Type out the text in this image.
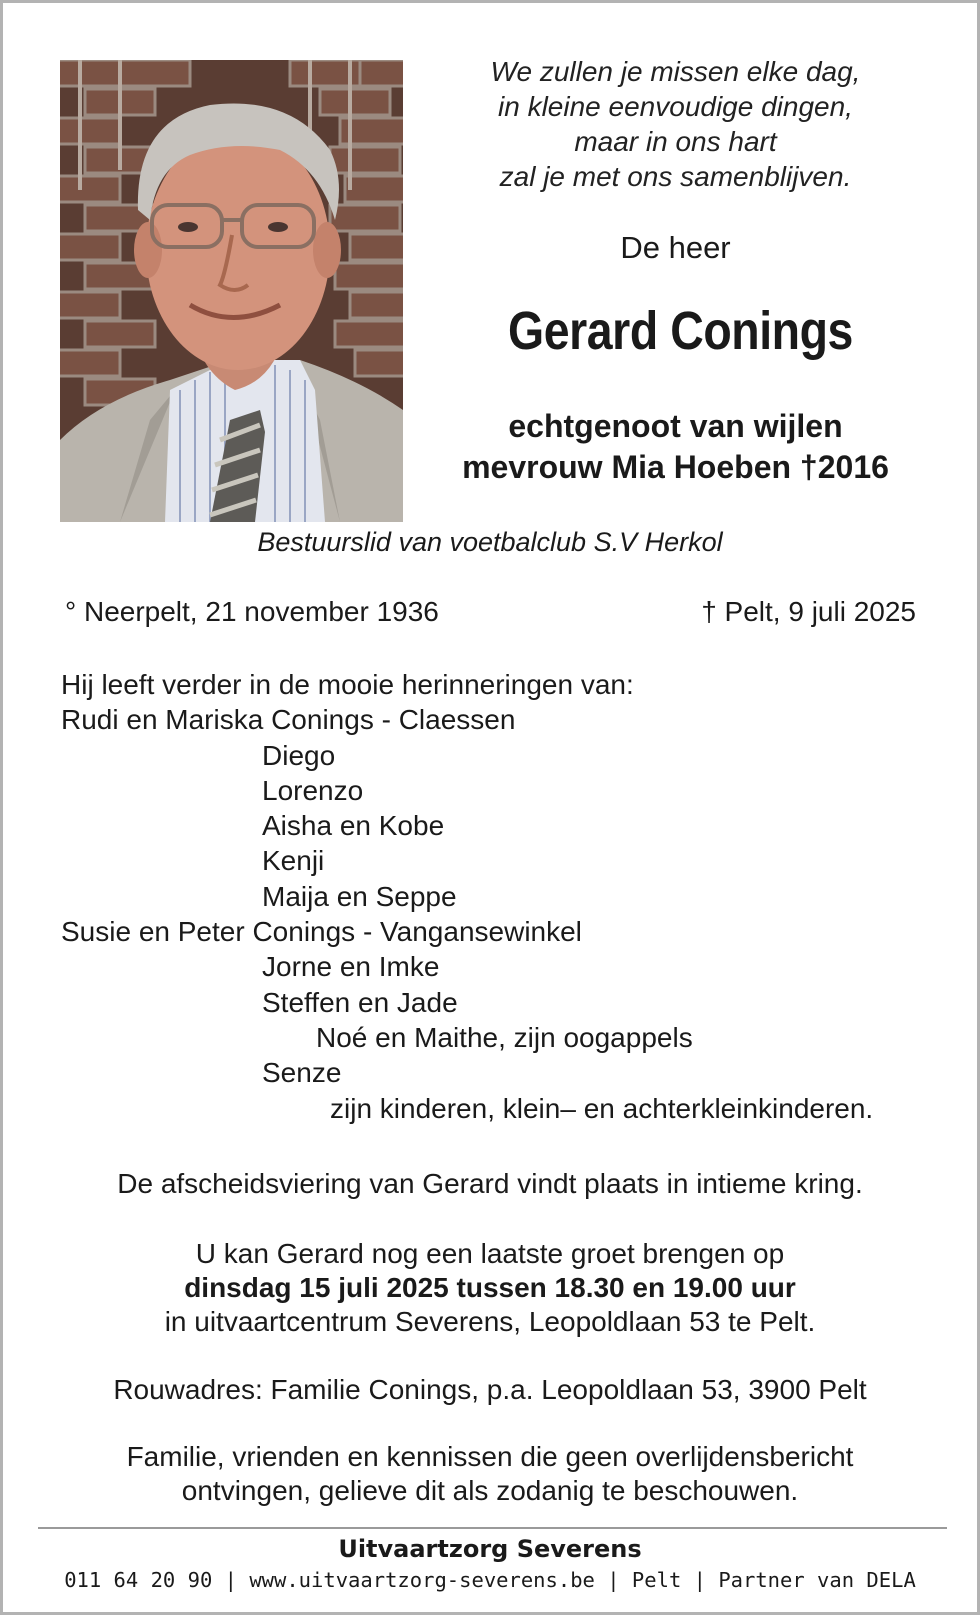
We zullen je missen elke dag,
in kleine eenvoudige dingen,
maar in ons hart
zal je met ons samenblijven.
De heer
Gerard Conings
echtgenoot van wijlen
mevrouw Mia Hoeben †2016
Bestuurslid van voetbalclub S.V Herkol
° Neerpelt, 21 november 1936	† Pelt, 9 juli 2025
Hij leeft verder in de mooie herinneringen van:
Rudi en Mariska Conings - Claessen
Diego
Lorenzo
Aisha en Kobe
Kenji
Maija en Seppe
Susie en Peter Conings - Vangansewinkel
Jorne en Imke
Steffen en Jade
Noé en Maithe, zijn oogappels
Senze
zijn kinderen, klein– en achterkleinkinderen.
De afscheidsviering van Gerard vindt plaats in intieme kring.
U kan Gerard nog een laatste groet brengen op
dinsdag 15 juli 2025 tussen 18.30 en 19.00 uur
in uitvaartcentrum Severens, Leopoldlaan 53 te Pelt.
Rouwadres: Familie Conings, p.a. Leopoldlaan 53, 3900 Pelt
Familie, vrienden en kennissen die geen overlijdensbericht
ontvingen, gelieve dit als zodanig te beschouwen.
Uitvaartzorg Severens
011 64 20 90 | www.uitvaartzorg-severens.be | Pelt | Partner van DELA
